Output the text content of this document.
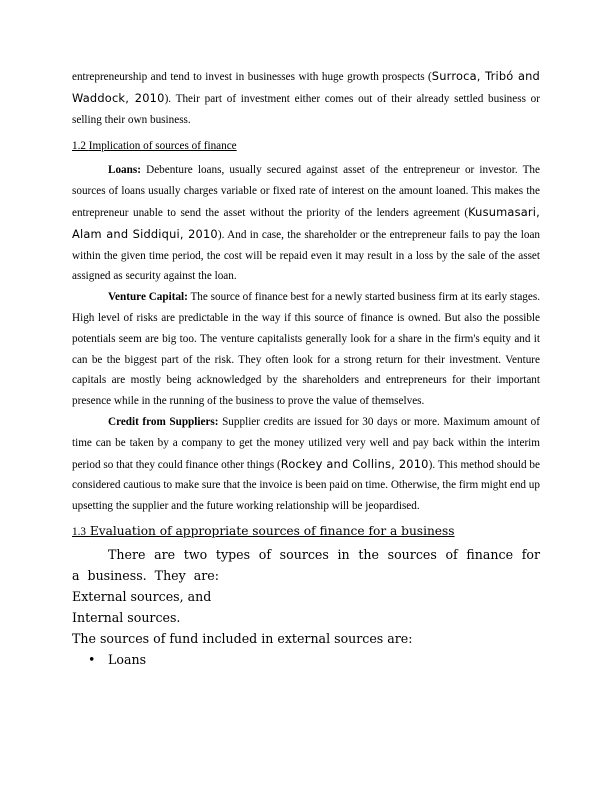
entrepreneurship and tend to invest in businesses with huge growth prospects (Surroca, Tribó and Waddock, 2010). Their part of investment either comes out of their already settled business or selling their own business.

1.2 Implication of sources of finance

Loans: Debenture loans, usually secured against asset of the entrepreneur or investor. The sources of loans usually charges variable or fixed rate of interest on the amount loaned. This makes the entrepreneur unable to send the asset without the priority of the lenders agreement (Kusumasari, Alam and Siddiqui, 2010). And in case, the shareholder or the entrepreneur fails to pay the loan within the given time period, the cost will be repaid even it may result in a loss by the sale of the asset assigned as security against the loan.

Venture Capital: The source of finance best for a newly started business firm at its early stages. High level of risks are predictable in the way if this source of finance is owned. But also the possible potentials seem are big too. The venture capitalists generally look for a share in the firm's equity and it can be the biggest part of the risk. They often look for a strong return for their investment. Venture capitals are mostly being acknowledged by the shareholders and entrepreneurs for their important presence while in the running of the business to prove the value of themselves.

Credit from Suppliers: Supplier credits are issued for 30 days or more. Maximum amount of time can be taken by a company to get the money utilized very well and pay back within the interim period so that they could finance other things (Rockey and Collins, 2010). This method should be considered cautious to make sure that the invoice is been paid on time. Otherwise, the firm might end up upsetting the supplier and the future working relationship will be jeopardised.

1.3 Evaluation of appropriate sources of finance for a business

There are two types of sources in the sources of finance for a business. They are:

External sources, and

Internal sources.

The sources of fund included in external sources are:

• Loans
